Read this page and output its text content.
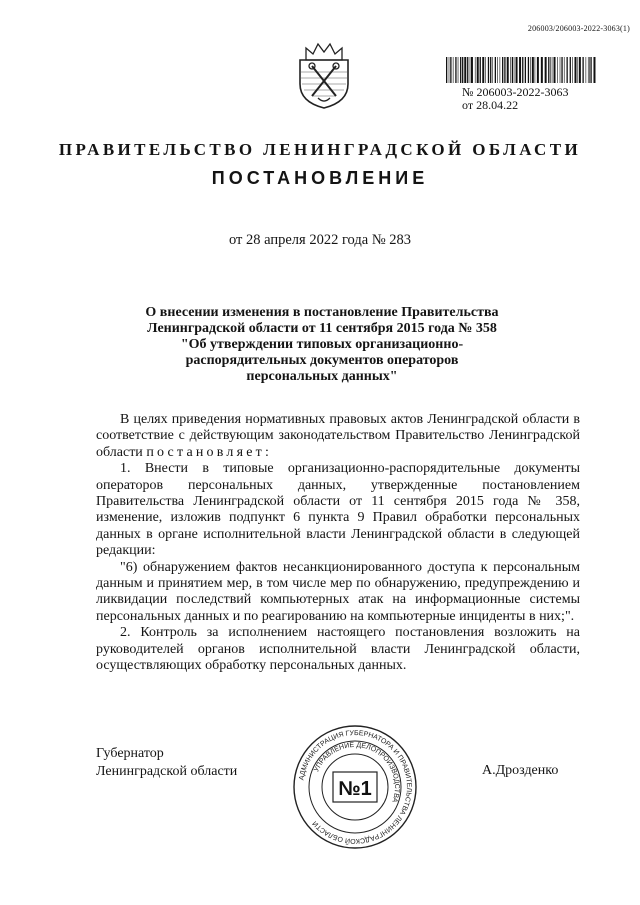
206003/206003-2022-3063(1)
№ 206003-2022-3063
от 28.04.22
ПРАВИТЕЛЬСТВО ЛЕНИНГРАДСКОЙ ОБЛАСТИ
ПОСТАНОВЛЕНИЕ
от 28 апреля 2022 года № 283
О внесении изменения в постановление Правительства
Ленинградской области от 11 сентября 2015 года № 358
"Об утверждении типовых организационно-
распорядительных документов операторов
персональных данных"

В целях приведения нормативных правовых актов Ленинградской области в соответствие с действующим законодательством Правительство Ленинградской области постановляет:

1. Внести в типовые организационно-распорядительные документы операторов персональных данных, утвержденные постановлением Правительства Ленинградской области от 11 сентября 2015 года № 358, изменение, изложив подпункт 6 пункта 9 Правил обработки персональных данных в органе исполнительной власти Ленинградской области в следующей редакции:

"6) обнаружением фактов несанкционированного доступа к персональным данным и принятием мер, в том числе мер по обнаружению, предупреждению и ликвидации последствий компьютерных атак на информационные системы персональных данных и по реагированию на компьютерные инциденты в них;".

2. Контроль за исполнением настоящего постановления возложить на руководителей органов исполнительной власти Ленинградской области, осуществляющих обработку персональных данных.

Губернатор
Ленинградской области	АДМИНИСТРАЦИЯ ГУБЕРНАТОРА И ПРАВИТЕЛЬСТВА ЛЕНИНГРАДСКОЙ ОБЛАСТИ
УПРАВЛЕНИЕ ДЕЛОПРОИЗВОДСТВА
№1
А.Дрозденко
